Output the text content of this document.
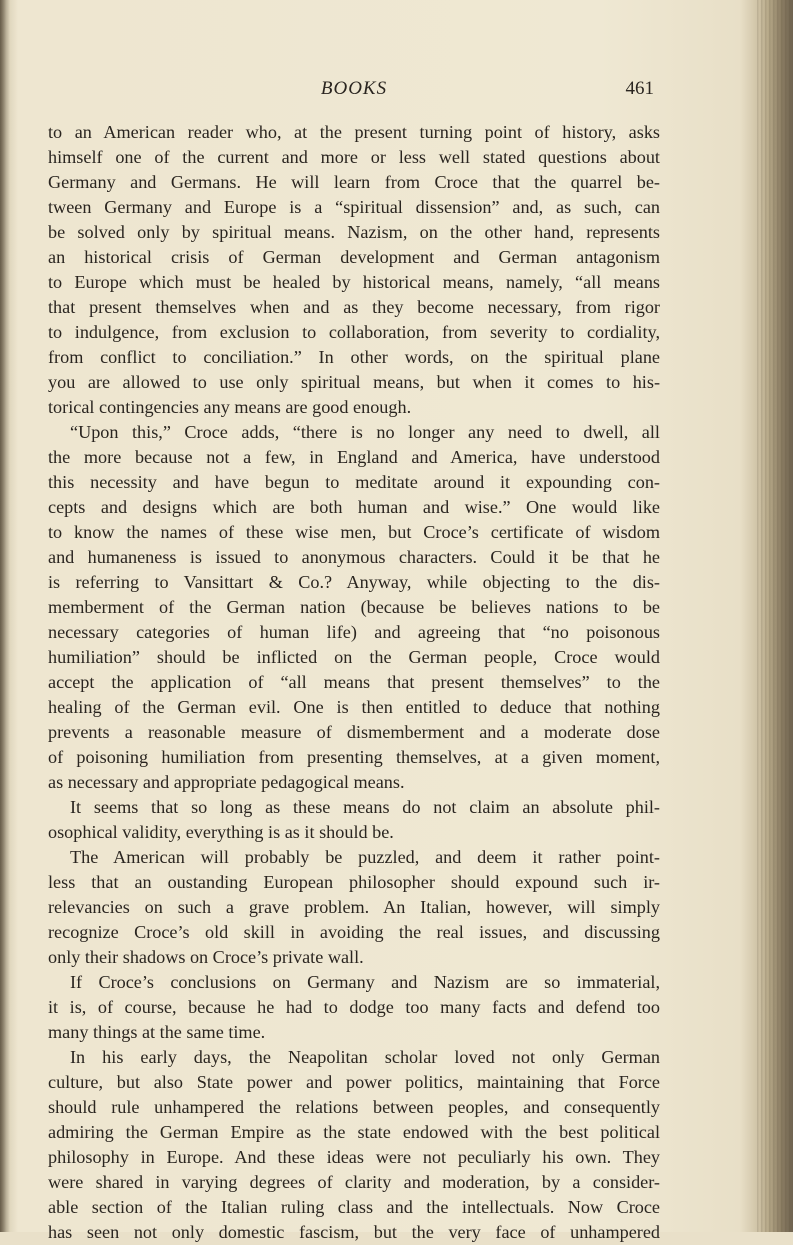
BOOKS	461
to an American reader who, at the present turning point of history, asks
himself one of the current and more or less well stated questions about
Germany and Germans. He will learn from Croce that the quarrel be-
tween Germany and Europe is a “spiritual dissension” and, as such, can
be solved only by spiritual means. Nazism, on the other hand, represents
an historical crisis of German development and German antagonism
to Europe which must be healed by historical means, namely, “all means
that present themselves when and as they become necessary, from rigor
to indulgence, from exclusion to collaboration, from severity to cordiality,
from conflict to conciliation.” In other words, on the spiritual plane
you are allowed to use only spiritual means, but when it comes to his-
torical contingencies any means are good enough.
“Upon this,” Croce adds, “there is no longer any need to dwell, all
the more because not a few, in England and America, have understood
this necessity and have begun to meditate around it expounding con-
cepts and designs which are both human and wise.” One would like
to know the names of these wise men, but Croce’s certificate of wisdom
and humaneness is issued to anonymous characters. Could it be that he
is referring to Vansittart & Co.? Anyway, while objecting to the dis-
memberment of the German nation (because be believes nations to be
necessary categories of human life) and agreeing that “no poisonous
humiliation” should be inflicted on the German people, Croce would
accept the application of “all means that present themselves” to the
healing of the German evil. One is then entitled to deduce that nothing
prevents a reasonable measure of dismemberment and a moderate dose
of poisoning humiliation from presenting themselves, at a given moment,
as necessary and appropriate pedagogical means.
It seems that so long as these means do not claim an absolute phil-
osophical validity, everything is as it should be.
The American will probably be puzzled, and deem it rather point-
less that an oustanding European philosopher should expound such ir-
relevancies on such a grave problem. An Italian, however, will simply
recognize Croce’s old skill in avoiding the real issues, and discussing
only their shadows on Croce’s private wall.
If Croce’s conclusions on Germany and Nazism are so immaterial,
it is, of course, because he had to dodge too many facts and defend too
many things at the same time.
In his early days, the Neapolitan scholar loved not only German
culture, but also State power and power politics, maintaining that Force
should rule unhampered the relations between peoples, and consequently
admiring the German Empire as the state endowed with the best political
philosophy in Europe. And these ideas were not peculiarly his own. They
were shared in varying degrees of clarity and moderation, by a consider-
able section of the Italian ruling class and the intellectuals. Now Croce
has seen not only domestic fascism, but the very face of unhampered
